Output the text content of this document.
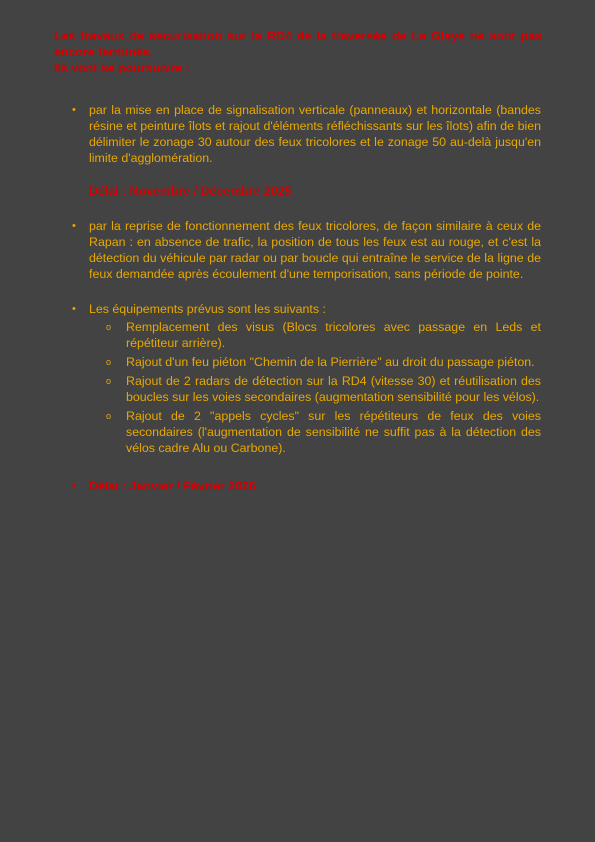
Les travaux de sécurisation sur la RD4 de la traversée de La Glaye ne sont pas encore terminés.

Ils vont se poursuivre :

• par la mise en place de signalisation verticale (panneaux) et horizontale (bandes résine et peinture îlots et rajout d'éléments réfléchissants sur les îlots) afin de bien délimiter le zonage 30 autour des feux tricolores et le zonage 50 au-delà jusqu'en limite d'agglomération.

Délai : Novembre / Décembre 2025

• par la reprise de fonctionnement des feux tricolores, de façon similaire à ceux de Rapan : en absence de trafic, la position de tous les feux est au rouge, et c'est la détection du véhicule par radar ou par boucle qui entraîne le service de la ligne de feux demandée après écoulement d'une temporisation, sans période de pointe.

• Les équipements prévus sont les suivants :

o Remplacement des visus (Blocs tricolores avec passage en Leds et répétiteur arrière).
o Rajout d'un feu piéton "Chemin de la Pierrière" au droit du passage piéton.
o Rajout de 2 radars de détection sur la RD4 (vitesse 30) et réutilisation des boucles sur les voies secondaires (augmentation sensibilité pour les vélos).
o Rajout de 2 "appels cycles" sur les répétiteurs de feux des voies secondaires (l'augmentation de sensibilité ne suffit pas à la détection des vélos cadre Alu ou Carbone).
• Délai : Janvier / Février 2026
